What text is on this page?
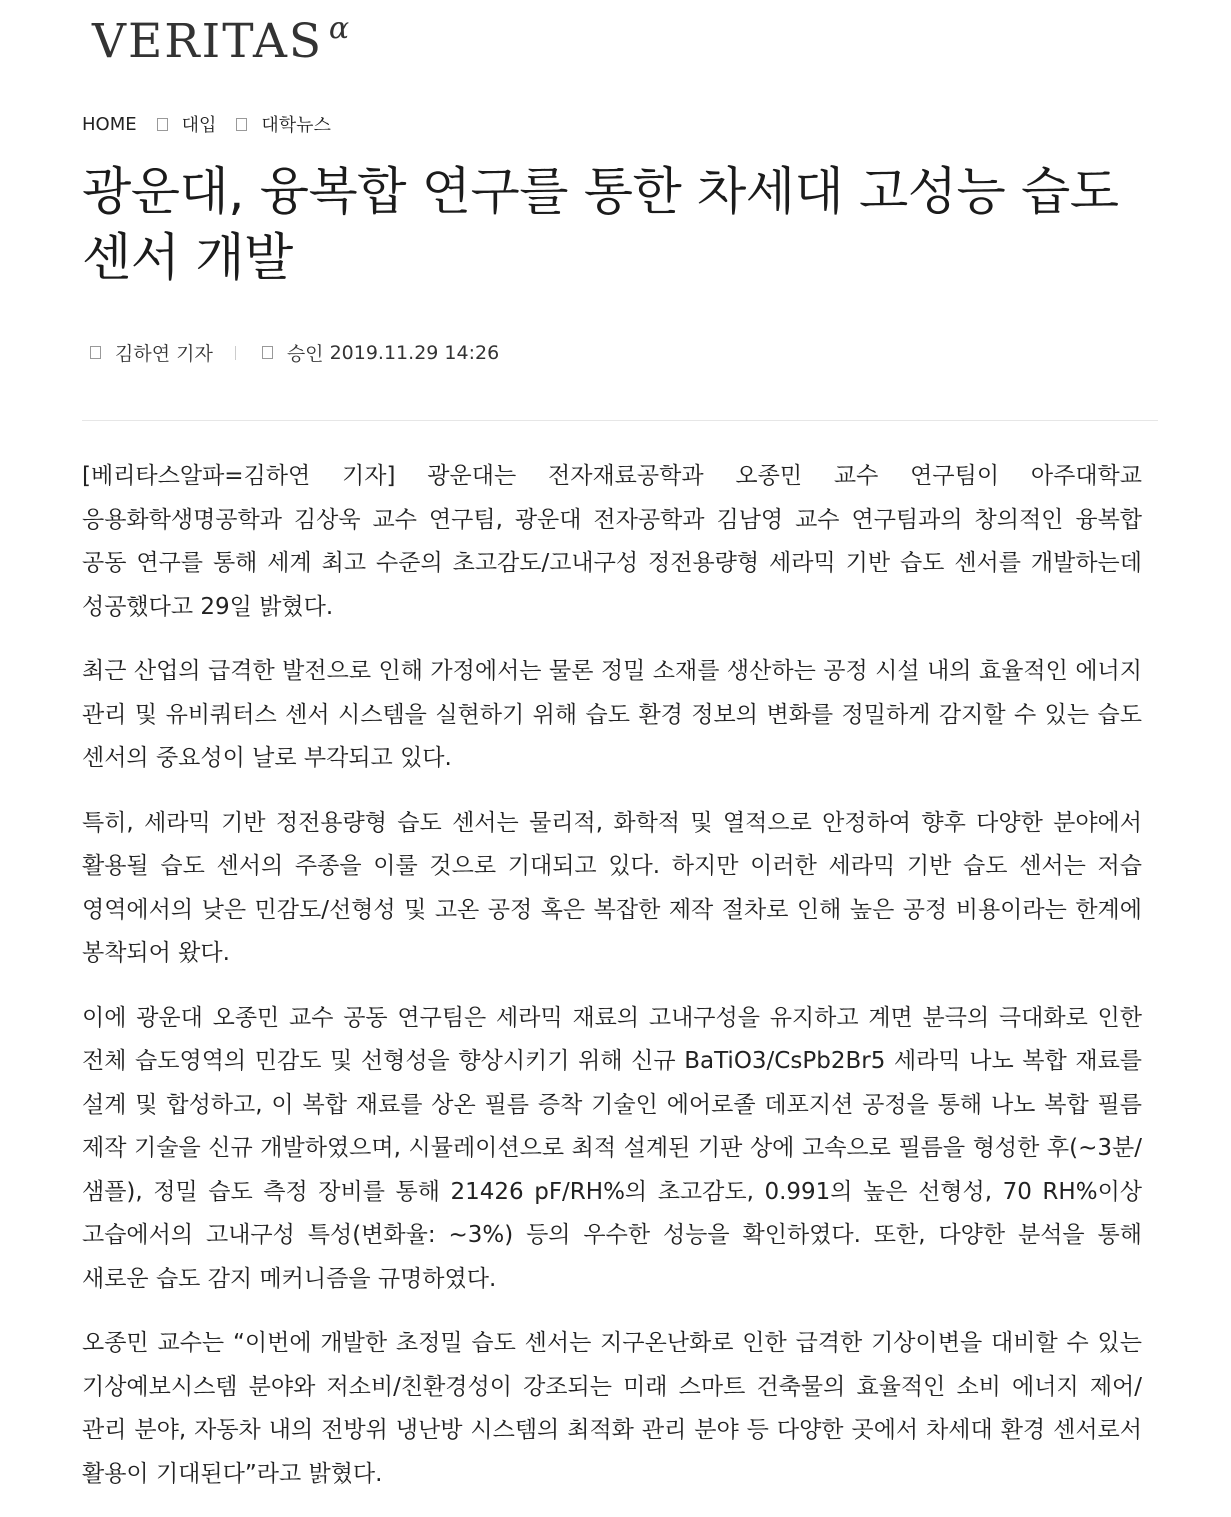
VERITAS α
HOME	대입	대학뉴스
광운대, 융복합 연구를 통한 차세대 고성능 습도 센서 개발
김하연 기자	승인
2019.11.29 14:26

[베리타스알파=김하연 기자] 광운대는 전자재료공학과 오종민 교수 연구팀이 아주대학교 응용화학생명공학과 김상욱 교수 연구팀, 광운대 전자공학과 김남영 교수 연구팀과의 창의적인 융복합 공동 연구를 통해 세계 최고 수준의 초고감도/고내구성 정전용량형 세라믹 기반 습도 센서를 개발하는데 성공했다고 29일 밝혔다.

최근 산업의 급격한 발전으로 인해 가정에서는 물론 정밀 소재를 생산하는 공정 시설 내의 효율적인 에너지 관리 및 유비쿼터스 센서 시스템을 실현하기 위해 습도 환경 정보의 변화를 정밀하게 감지할 수 있는 습도 센서의 중요성이 날로 부각되고 있다.

특히, 세라믹 기반 정전용량형 습도 센서는 물리적, 화학적 및 열적으로 안정하여 향후 다양한 분야에서 활용될 습도 센서의 주종을 이룰 것으로 기대되고 있다. 하지만 이러한 세라믹 기반 습도 센서는 저습 영역에서의 낮은 민감도/선형성 및 고온 공정 혹은 복잡한 제작 절차로 인해 높은 공정 비용이라는 한계에 봉착되어 왔다.

이에 광운대 오종민 교수 공동 연구팀은 세라믹 재료의 고내구성을 유지하고 계면 분극의 극대화로 인한 전체 습도영역의 민감도 및 선형성을 향상시키기 위해 신규 BaTiO3/CsPb2Br5 세라믹 나노 복합 재료를 설계 및 합성하고, 이 복합 재료를 상온 필름 증착 기술인 에어로졸 데포지션 공정을 통해 나노 복합 필름 제작 기술을 신규 개발하였으며, 시뮬레이션으로 최적 설계된 기판 상에 고속으로 필름을 형성한 후(~3분/샘플), 정밀 습도 측정 장비를 통해 21426 pF/RH%의 초고감도, 0.991의 높은 선형성, 70 RH%이상 고습에서의 고내구성 특성(변화율: ~3%) 등의 우수한 성능을 확인하였다. 또한, 다양한 분석을 통해 새로운 습도 감지 메커니즘을 규명하였다.

오종민 교수는 “이번에 개발한 초정밀 습도 센서는 지구온난화로 인한 급격한 기상이변을 대비할 수 있는 기상예보시스템 분야와 저소비/친환경성이 강조되는 미래 스마트 건축물의 효율적인 소비 에너지 제어/관리 분야, 자동차 내의 전방위 냉난방 시스템의 최적화 관리 분야 등 다양한 곳에서 차세대 환경 센서로서 활용이 기대된다”라고 밝혔다.
